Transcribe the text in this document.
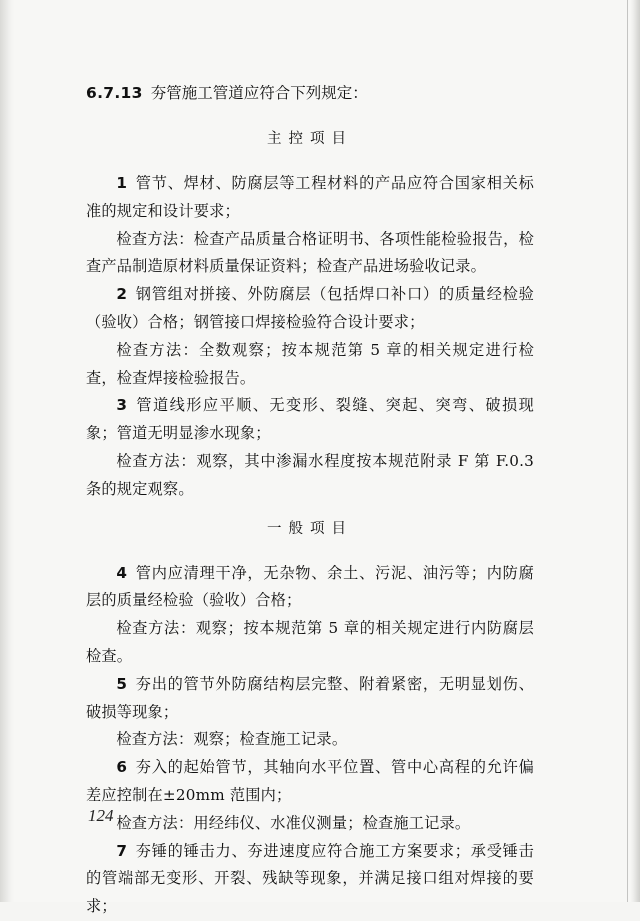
6.7.13 夯管施工管道应符合下列规定：

主控项目

1 管节、焊材、防腐层等工程材料的产品应符合国家相关标准的规定和设计要求；

检查方法：检查产品质量合格证明书、各项性能检验报告，检查产品制造原材料质量保证资料；检查产品进场验收记录。

2 钢管组对拼接、外防腐层（包括焊口补口）的质量经检验（验收）合格；钢管接口焊接检验符合设计要求；

检查方法：全数观察；按本规范第 5 章的相关规定进行检查，检查焊接检验报告。

3 管道线形应平顺、无变形、裂缝、突起、突弯、破损现象；管道无明显渗水现象；

检查方法：观察，其中渗漏水程度按本规范附录 F 第 F.0.3 条的规定观察。

一般项目

4 管内应清理干净，无杂物、余土、污泥、油污等；内防腐层的质量经检验（验收）合格；

检查方法：观察；按本规范第 5 章的相关规定进行内防腐层检查。

5 夯出的管节外防腐结构层完整、附着紧密，无明显划伤、破损等现象；

检查方法：观察；检查施工记录。

6 夯入的起始管节，其轴向水平位置、管中心高程的允许偏差应控制在±20mm 范围内；

检查方法：用经纬仪、水准仪测量；检查施工记录。

7 夯锤的锤击力、夯进速度应符合施工方案要求；承受锤击的管端部无变形、开裂、残缺等现象，并满足接口组对焊接的要求；

124
